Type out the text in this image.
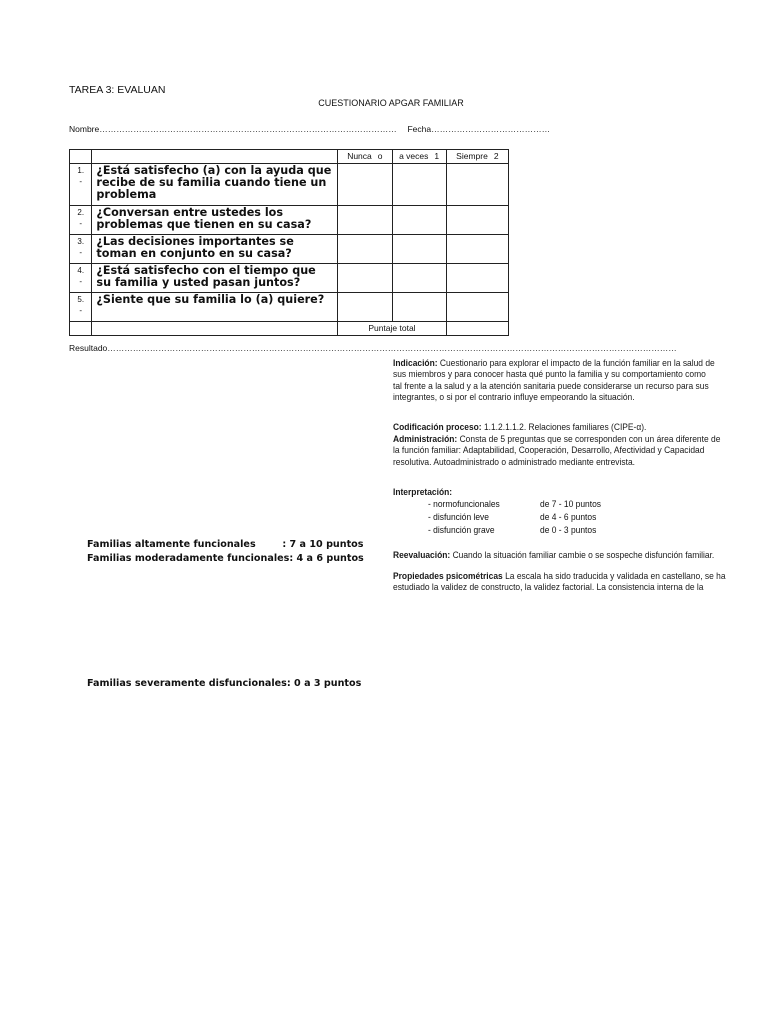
TAREA 3: EVALUAN
CUESTIONARIO APGAR FAMILIAR
Nombre…………………………………………………………………………………………… Fecha……………………………………

		Nunca o	a veces 1	Siempre 2

1.
-	¿Está satisfecho (a) con la ayuda que recibe de su familia cuando tiene un problema			

2.
-	¿Conversan entre ustedes los problemas que tienen en su casa?			

3.
-	¿Las decisiones importantes se toman en conjunto en su casa?			

4.
-	¿Está satisfecho con el tiempo que su familia y usted pasan juntos?			

5.
-	¿Siente que su familia lo (a) quiere?			
		Puntaje total		
Resultado…………………………………………………………………………………………………………………………………………………………………………………
Indicación: Cuestionario para explorar el impacto de la función familiar en la salud de sus miembros y para conocer hasta qué punto la familia y su comportamiento como tal frente a la salud y a la atención sanitaria puede considerarse un recurso para sus integrantes, o si por el contrario influye empeorando la situación.
Codificación proceso: 1.1.2.1.1.2. Relaciones familiares (CIPE-α).
Administración: Consta de 5 preguntas que se corresponden con un área diferente de la función familiar: Adaptabilidad, Cooperación, Desarrollo, Afectividad y Capacidad resolutiva. Autoadministrado o administrado mediante entrevista.
Interpretación:
- normofuncionales	de 7 - 10 puntos
- disfunción leve	de 4 - 6 puntos
- disfunción grave	de 0 - 3 puntos
Reevaluación: Cuando la situación familiar cambie o se sospeche disfunción familiar.
Propiedades psicométricas La escala ha sido traducida y validada en castellano, se ha estudiado la validez de constructo, la validez factorial. La consistencia interna de la
Familias altamente funcionales        : 7 a 10 puntos
Familias moderadamente funcionales: 4 a 6 puntos
Familias severamente disfuncionales: 0 a 3 puntos
